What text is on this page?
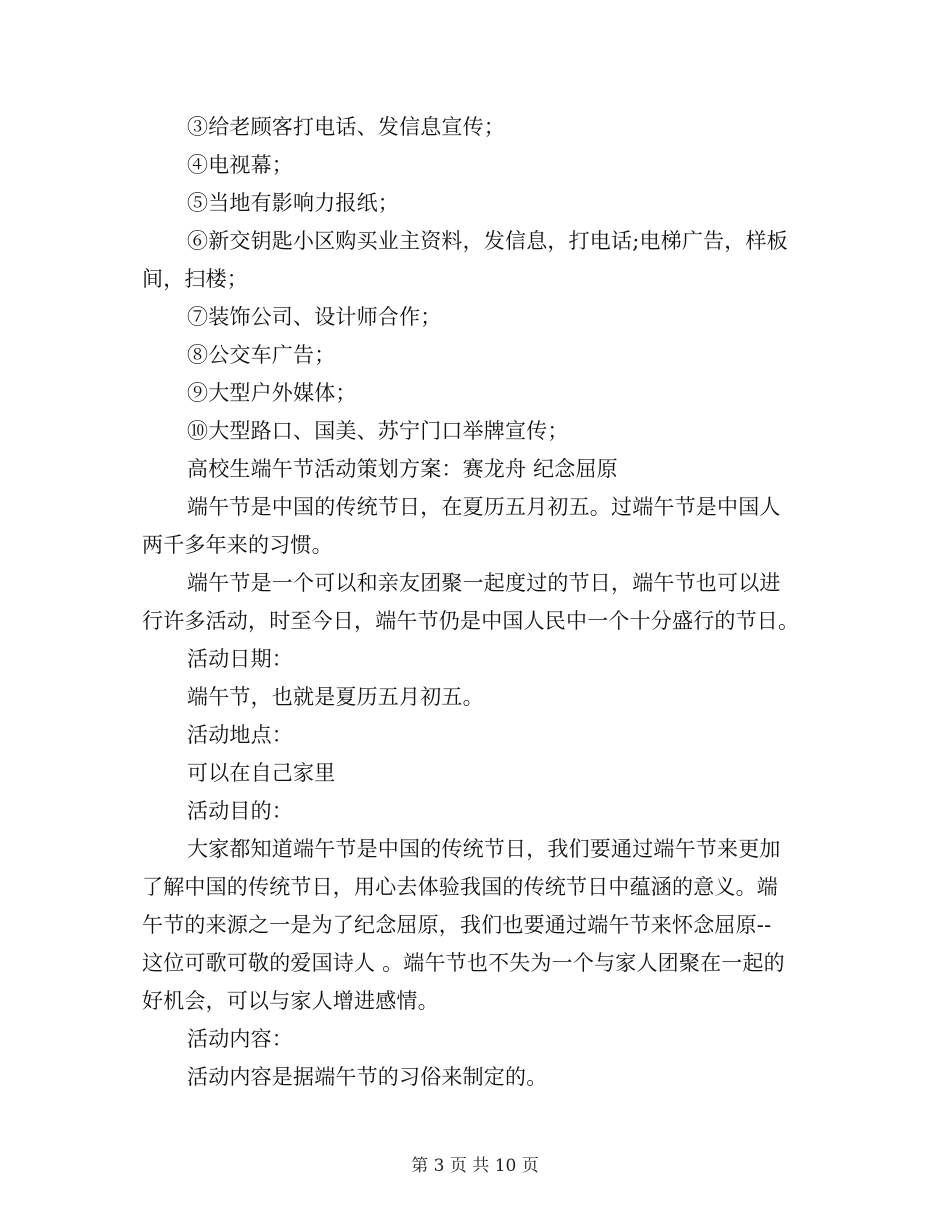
③给老顾客打电话、发信息宣传；
④电视幕；
⑤当地有影响力报纸；
⑥新交钥匙小区购买业主资料，发信息，打电话;电梯广告，样板
间，扫楼；
⑦装饰公司、设计师合作；
⑧公交车广告；
⑨大型户外媒体；
⑩大型路口、国美、苏宁门口举牌宣传；
高校生端午节活动策划方案：赛龙舟 纪念屈原
端午节是中国的传统节日，在夏历五月初五。过端午节是中国人
两千多年来的习惯。
端午节是一个可以和亲友团聚一起度过的节日，端午节也可以进
行许多活动，时至今日，端午节仍是中国人民中一个十分盛行的节日。
活动日期：
端午节，也就是夏历五月初五。
活动地点：
可以在自己家里
活动目的：
大家都知道端午节是中国的传统节日，我们要通过端午节来更加
了解中国的传统节日，用心去体验我国的传统节日中蕴涵的意义。端
午节的来源之一是为了纪念屈原，我们也要通过端午节来怀念屈原--
这位可歌可敬的爱国诗人 。端午节也不失为一个与家人团聚在一起的
好机会，可以与家人增进感情。
活动内容：
活动内容是据端午节的习俗来制定的。
第 3 页 共 10 页
